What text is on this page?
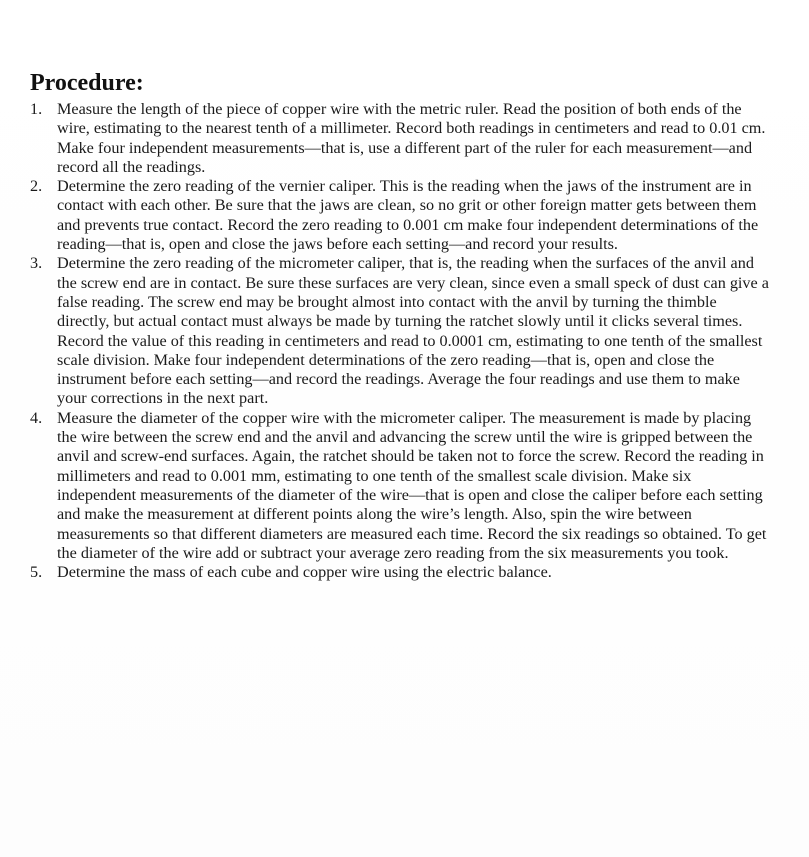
Procedure:
1. Measure the length of the piece of copper wire with the metric ruler. Read the position of both ends of the wire, estimating to the nearest tenth of a millimeter. Record both readings in centimeters and read to 0.01 cm. Make four independent measurements—that is, use a different part of the ruler for each measurement—and record all the readings.
2. Determine the zero reading of the vernier caliper. This is the reading when the jaws of the instrument are in contact with each other. Be sure that the jaws are clean, so no grit or other foreign matter gets between them and prevents true contact. Record the zero reading to 0.001 cm make four independent determinations of the reading—that is, open and close the jaws before each setting—and record your results.
3. Determine the zero reading of the micrometer caliper, that is, the reading when the surfaces of the anvil and the screw end are in contact. Be sure these surfaces are very clean, since even a small speck of dust can give a false reading. The screw end may be brought almost into contact with the anvil by turning the thimble directly, but actual contact must always be made by turning the ratchet slowly until it clicks several times. Record the value of this reading in centimeters and read to 0.0001 cm, estimating to one tenth of the smallest scale division. Make four independent determinations of the zero reading—that is, open and close the instrument before each setting—and record the readings. Average the four readings and use them to make your corrections in the next part.
4. Measure the diameter of the copper wire with the micrometer caliper. The measurement is made by placing the wire between the screw end and the anvil and advancing the screw until the wire is gripped between the anvil and screw-end surfaces. Again, the ratchet should be taken not to force the screw. Record the reading in millimeters and read to 0.001 mm, estimating to one tenth of the smallest scale division. Make six independent measurements of the diameter of the wire—that is open and close the caliper before each setting and make the measurement at different points along the wire’s length. Also, spin the wire between measurements so that different diameters are measured each time. Record the six readings so obtained. To get the diameter of the wire add or subtract your average zero reading from the six measurements you took.
5. Determine the mass of each cube and copper wire using the electric balance.
